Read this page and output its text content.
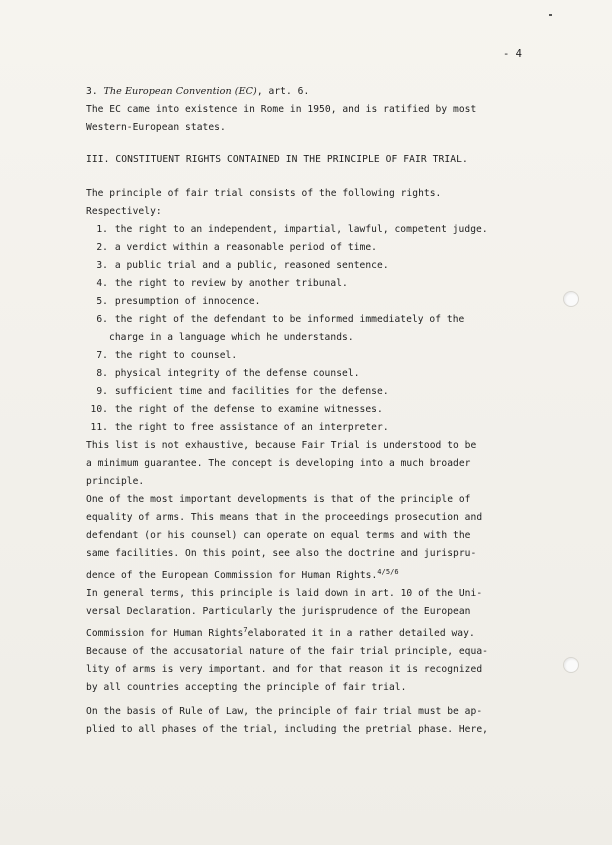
- 4
3. The European Convention (EC), art. 6.
The EC came into existence in Rome in 1950, and is ratified by most
Western-European states.
III. CONSTITUENT RIGHTS CONTAINED IN THE PRINCIPLE OF FAIR TRIAL.
The principle of fair trial consists of the following rights.
Respectively:
1. the right to an independent, impartial, lawful, competent judge.
2. a verdict within a reasonable period of time.
3. a public trial and a public, reasoned sentence.
4. the right to review by another tribunal.
5. presumption of innocence.
6. the right of the defendant to be informed immediately of the
charge in a language which he understands.
7. the right to counsel.
8. physical integrity of the defense counsel.
9. sufficient time and facilities for the defense.
10. the right of the defense to examine witnesses.
11. the right to free assistance of an interpreter.
This list is not exhaustive, because Fair Trial is understood to be
a minimum guarantee. The concept is developing into a much broader
principle.
One of the most important developments is that of the principle of
equality of arms. This means that in the proceedings prosecution and
defendant (or his counsel) can operate on equal terms and with the
same facilities. On this point, see also the doctrine and jurispru-
dence of the European Commission for Human Rights.$^{4/5/6}$
In general terms, this principle is laid down in art. 10 of the Uni-
versal Declaration. Particularly the jurisprudence of the European
Commission for Human Rights$^7$elaborated it in a rather detailed way.
Because of the accusatorial nature of the fair trial principle, equa-
lity of arms is very important. and for that reason it is recognized
by all countries accepting the principle of fair trial.
On the basis of Rule of Law, the principle of fair trial must be ap-
plied to all phases of the trial, including the pretrial phase. Here,
